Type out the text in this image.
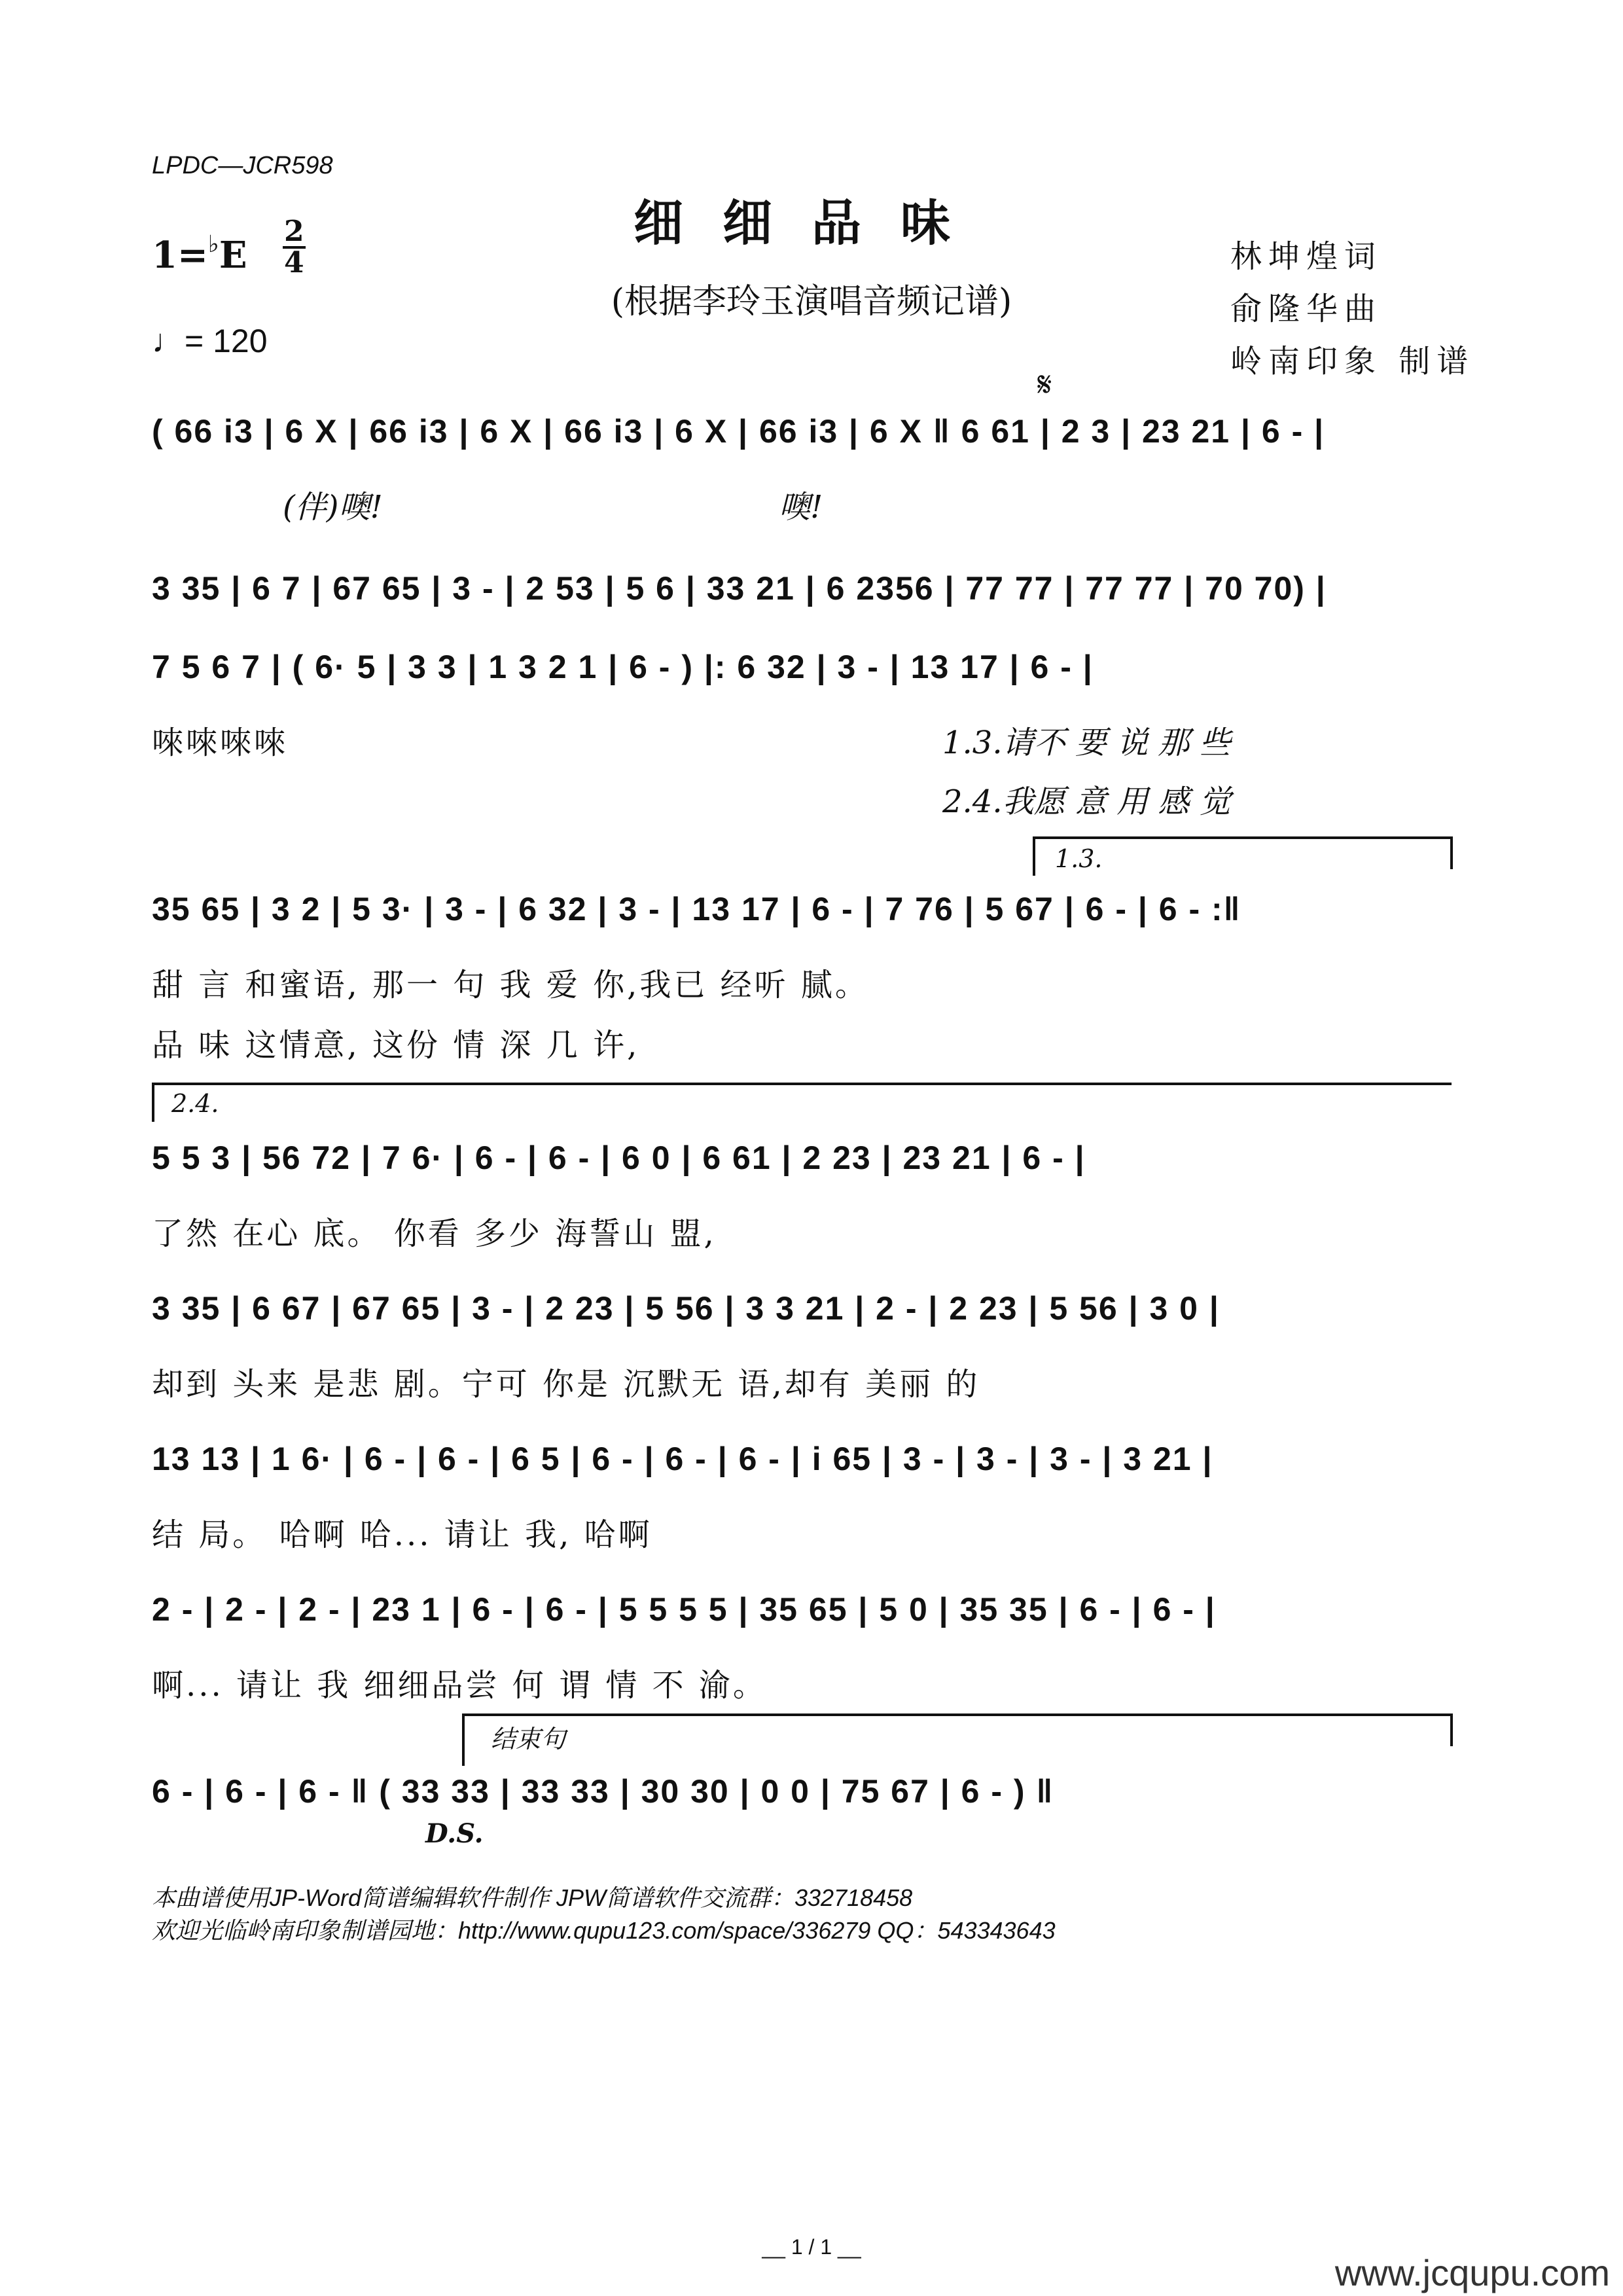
LPDC—JCR598
细细品味
(根据李玲玉演唱音频记谱)
$1=^♭E \frac{2}{4}$
♩= 120
林坤煌词
俞隆华曲
岭南印象 制谱
𝄋
( 66 i3 | 6 X | 66 i3 | 6 X | 66 i3 | 6 X | 66 i3 | 6 X ‖ 6 61 | 2 3 | 23 21 | 6 - |
(伴)噢!	噢!
3 35 | 6 7 | 67 65 | 3 - | 2 53 | 5 6 | 33 21 | 6 2356 | 77 77 | 77 77 | 70 70) |
7 5 6 7 | ( 6· 5 | 3 3 | 1 3 2 1 | 6 - ) |: 6 32 | 3 - | 13 17 | 6 - |
唻唻唻唻	1.3.请不 要 说 那 些
2.4.我愿 意 用 感 觉
1.3.
35 65 | 3 2 | 5 3· | 3 - | 6 32 | 3 - | 13 17 | 6 - | 7 76 | 5 67 | 6 - | 6 - :‖
甜 言 和蜜语, 那一 句 我 爱 你,我已 经听 腻。
品 味 这情意, 这份 情 深 几 许,
2.4.
5 5 3 | 56 72 | 7 6· | 6 - | 6 - | 6 0 | 6 61 | 2 23 | 23 21 | 6 - |
了然 在心 底。 你看 多少 海誓山 盟,
3 35 | 6 67 | 67 65 | 3 - | 2 23 | 5 56 | 3 3 21 | 2 - | 2 23 | 5 56 | 3 0 |
却到 头来 是悲 剧。宁可 你是 沉默无 语,却有 美丽 的
13 13 | 1 6· | 6 - | 6 - | 6 5 | 6 - | 6 - | 6 - | i 65 | 3 - | 3 - | 3 - | 3 21 |
结 局。 哈啊 哈... 请让 我, 哈啊
2 - | 2 - | 2 - | 23 1 | 6 - | 6 - | 5 5 5 5 | 35 65 | 5 0 | 35 35 | 6 - | 6 - |
啊... 请让 我 细细品尝 何 谓 情 不 渝。
结束句
6 - | 6 - | 6 - ‖ ( 33 33 | 33 33 | 30 30 | 0 0 | 75 67 | 6 - ) ‖
D.S.
本曲谱使用JP-Word简谱编辑软件制作 JPW简谱软件交流群：332718458
欢迎光临岭南印象制谱园地：http://www.qupu123.com/space/336279 QQ：543343643
__ 1 / 1 __
www.jcqupu.com
